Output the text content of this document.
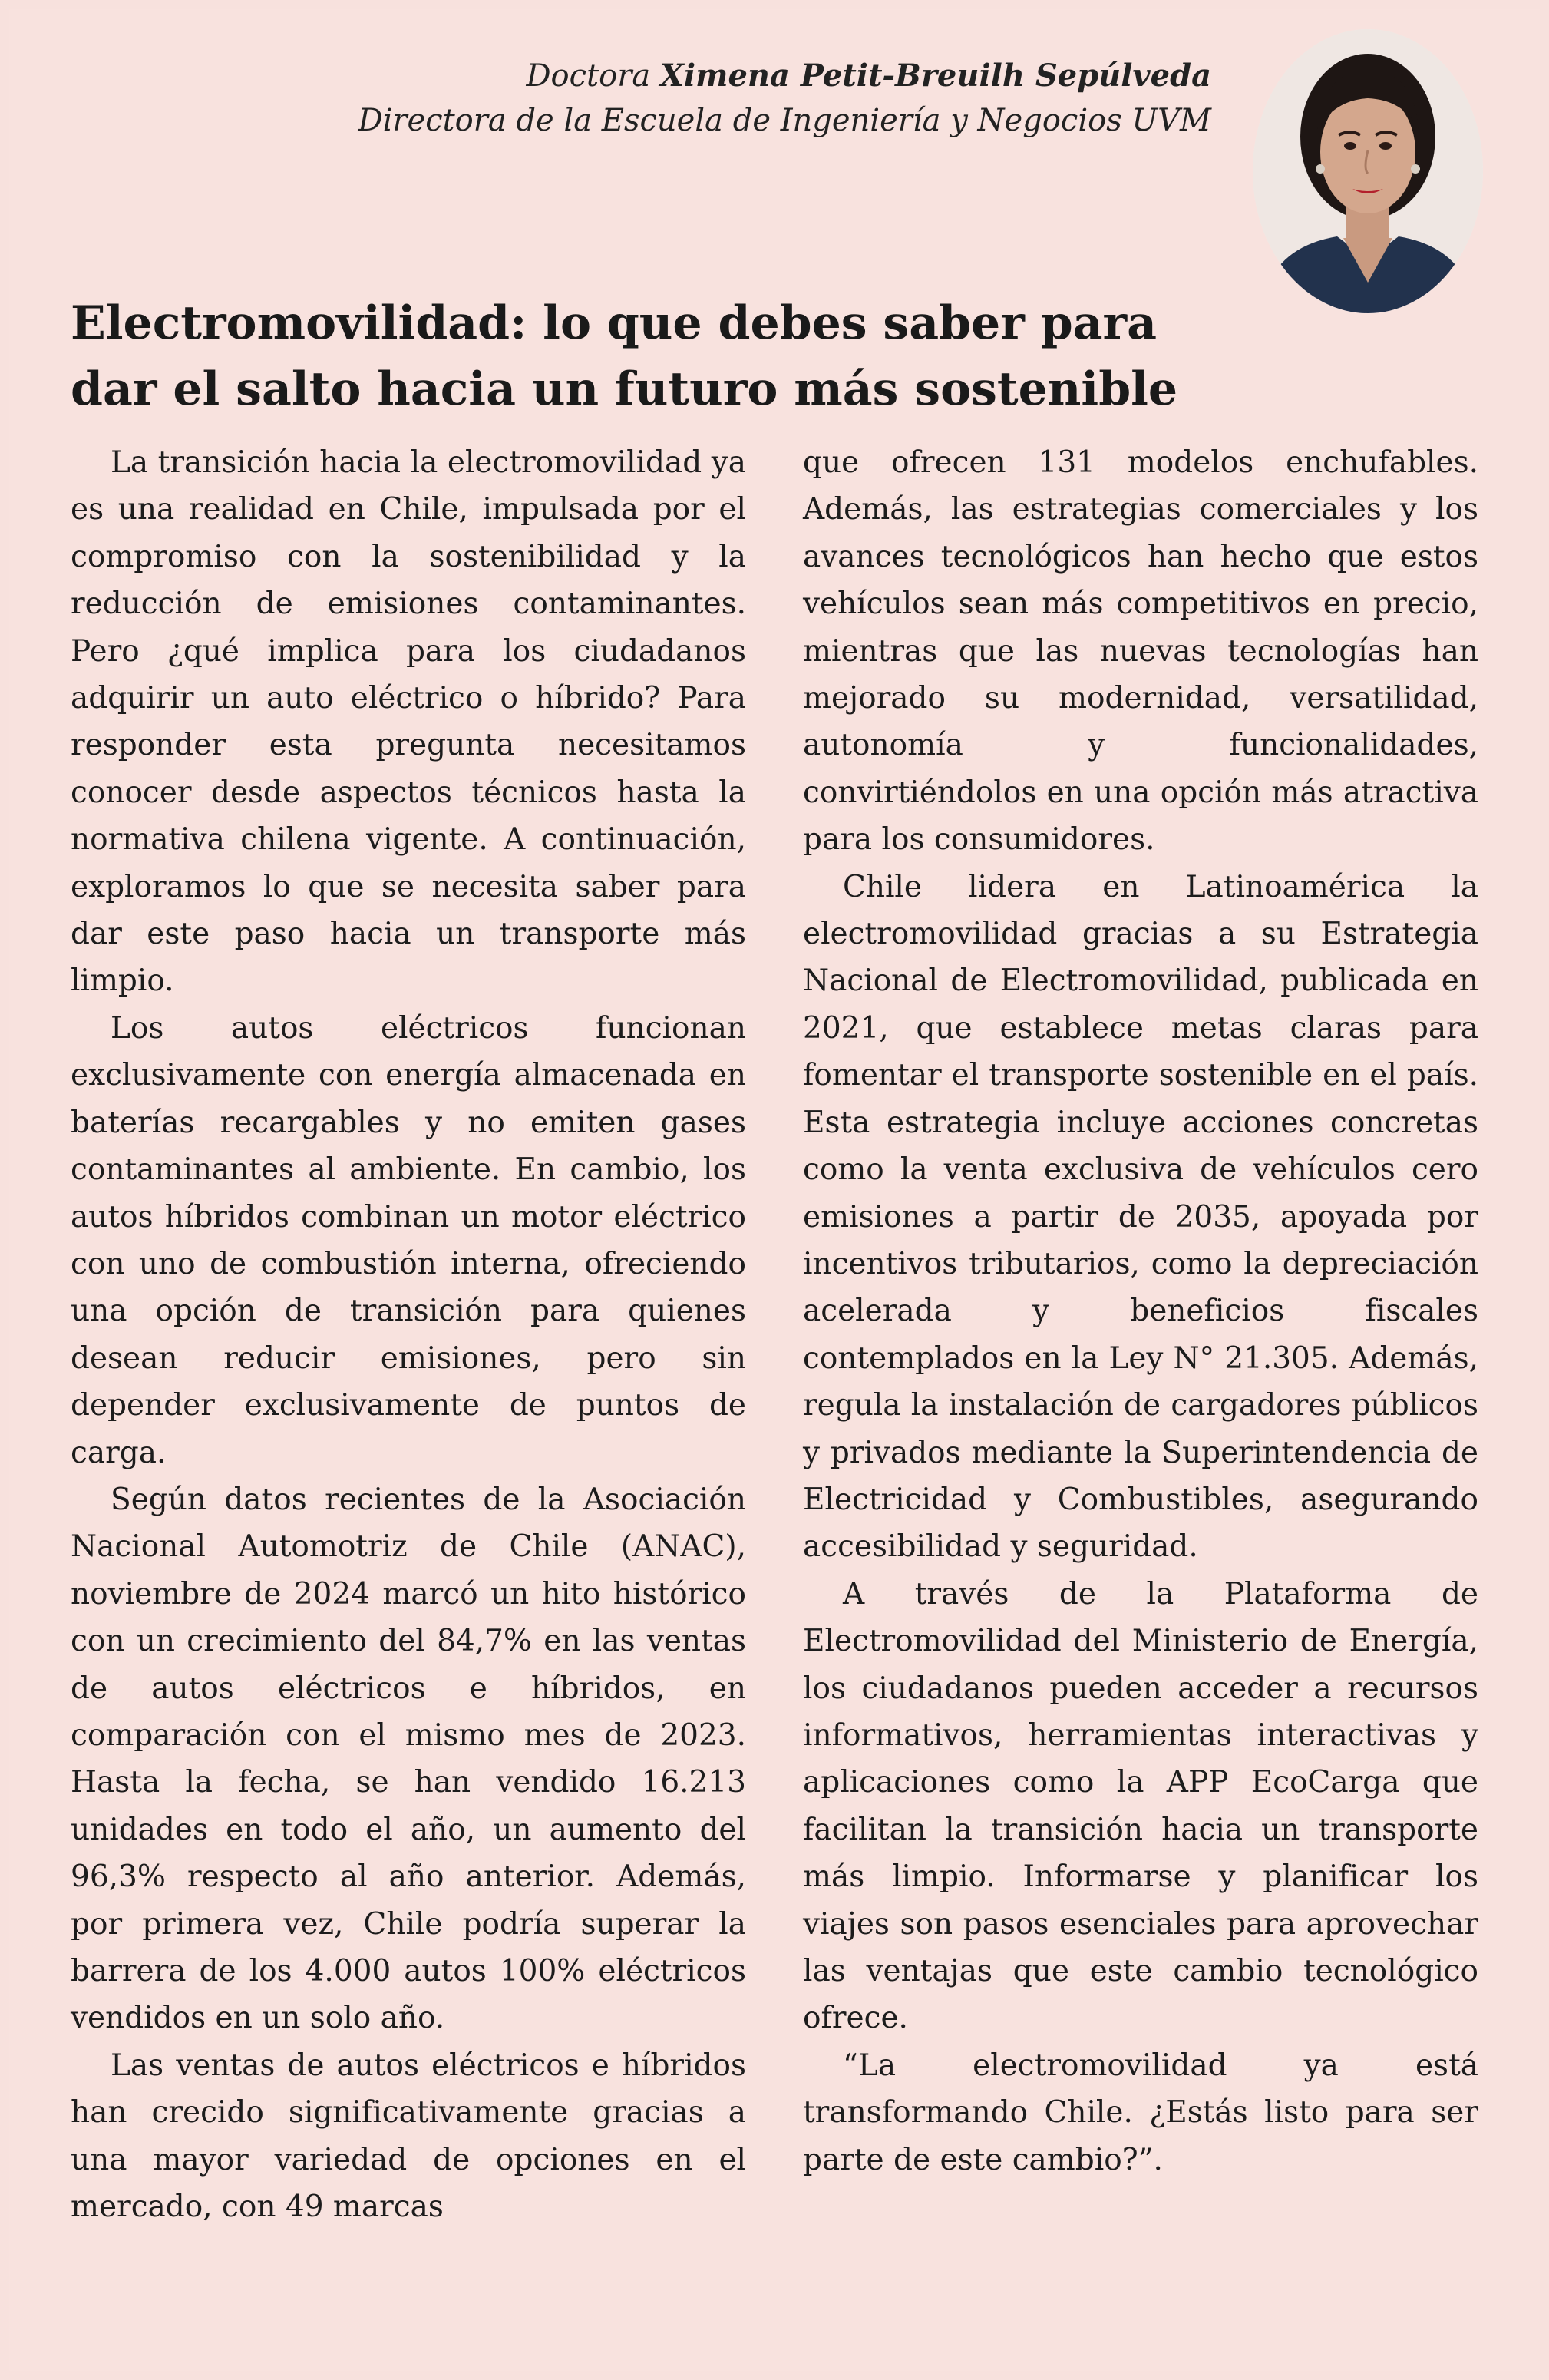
Doctora Ximena Petit-Breuilh Sepúlveda
Directora de la Escuela de Ingeniería y Negocios UVM
Electromovilidad: lo que debes saber para
dar el salto hacia un futuro más sostenible

La transición hacia la electromovilidad ya es una realidad en Chile, impulsada por el compromiso con la sostenibilidad y la reducción de emisiones contaminantes. Pero ¿qué implica para los ciudadanos adquirir un auto eléctrico o híbrido? Para responder esta pregunta necesitamos conocer desde aspectos técnicos hasta la normativa chilena vigente. A continuación, exploramos lo que se necesita saber para dar este paso hacia un transporte más limpio.

Los autos eléctricos funcionan exclusivamente con energía almacenada en baterías recargables y no emiten gases contaminantes al ambiente. En cambio, los autos híbridos combinan un motor eléctrico con uno de combustión interna, ofreciendo una opción de transición para quienes desean reducir emisiones, pero sin depender exclusivamente de puntos de carga.

Según datos recientes de la Asociación Nacional Automotriz de Chile (ANAC), noviembre de 2024 marcó un hito histórico con un crecimiento del 84,7% en las ventas de autos eléctricos e híbridos, en comparación con el mismo mes de 2023. Hasta la fecha, se han vendido 16.213 unidades en todo el año, un aumento del 96,3% respecto al año anterior. Además, por primera vez, Chile podría superar la barrera de los 4.000 autos 100% eléctricos vendidos en un solo año.

Las ventas de autos eléctricos e híbridos han crecido significativamente gracias a una mayor variedad de opciones en el mercado, con 49 marcas

que ofrecen 131 modelos enchufables. Además, las estrategias comerciales y los avances tecnológicos han hecho que estos vehículos sean más competitivos en precio, mientras que las nuevas tecnologías han mejorado su modernidad, versatilidad, autonomía y funcionalidades, convirtiéndolos en una opción más atractiva para los consumidores.

Chile lidera en Latinoamérica la electromovilidad gracias a su Estrategia Nacional de Electromovilidad, publicada en 2021, que establece metas claras para fomentar el transporte sostenible en el país. Esta estrategia incluye acciones concretas como la venta exclusiva de vehículos cero emisiones a partir de 2035, apoyada por incentivos tributarios, como la depreciación acelerada y beneficios fiscales contemplados en la Ley N° 21.305. Además, regula la instalación de cargadores públicos y privados mediante la Superintendencia de Electricidad y Combustibles, asegurando accesibilidad y seguridad.

A través de la Plataforma de Electromovilidad del Ministerio de Energía, los ciudadanos pueden acceder a recursos informativos, herramientas interactivas y aplicaciones como la APP EcoCarga que facilitan la transición hacia un transporte más limpio. Informarse y planificar los viajes son pasos esenciales para aprovechar las ventajas que este cambio tecnológico ofrece.

“La electromovilidad ya está transformando Chile. ¿Estás listo para ser parte de este cambio?”.
